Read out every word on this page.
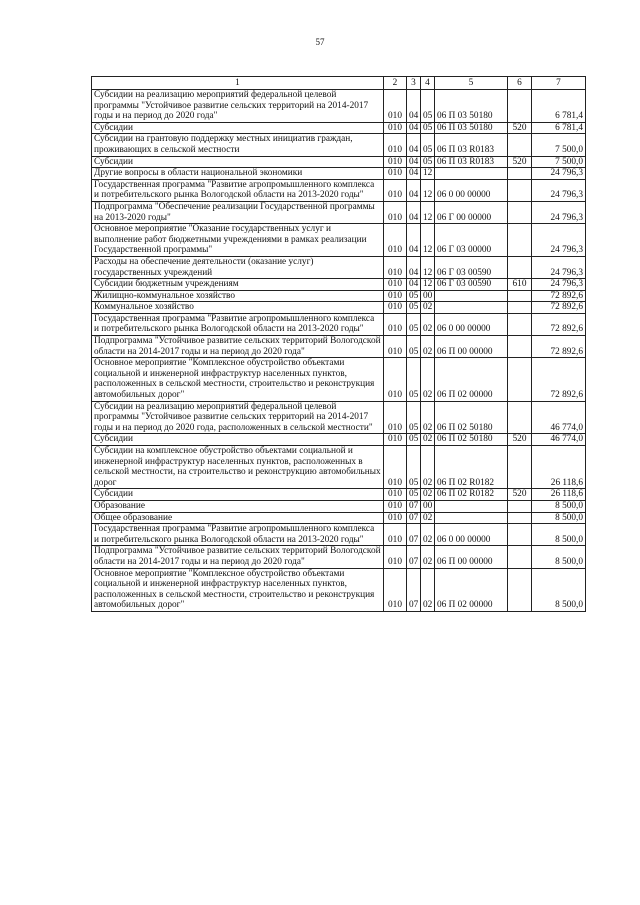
57
1	2	3	4	5	6	7
Субсидии на реализацию мероприятий федеральной целевой программы "Устойчивое развитие сельских территорий на 2014-2017 годы и на период до 2020 года"	010	04	05	06 П 03 50180		6 781,4
Субсидии	010	04	05	06 П 03 50180	520	6 781,4
Субсидии на грантовую поддержку местных инициатив граждан, проживающих в сельской местности	010	04	05	06 П 03 R0183		7 500,0
Субсидии	010	04	05	06 П 03 R0183	520	7 500,0
Другие вопросы в области национальной экономики	010	04	12			24 796,3
Государственная программа "Развитие агропромышленного комплекса и потребительского рынка Вологодской области на 2013-2020 годы"	010	04	12	06 0 00 00000		24 796,3
Подпрограмма "Обеспечение реализации Государственной программы на 2013-2020 годы"	010	04	12	06 Г 00 00000		24 796,3
Основное мероприятие "Оказание государственных услуг и выполнение работ бюджетными учреждениями в рамках реализации Государственной программы"	010	04	12	06 Г 03 00000		24 796,3
Расходы на обеспечение деятельности (оказание услуг) государственных учреждений	010	04	12	06 Г 03 00590		24 796,3
Субсидии бюджетным учреждениям	010	04	12	06 Г 03 00590	610	24 796,3
Жилищно-коммунальное хозяйство	010	05	00			72 892,6
Коммунальное хозяйство	010	05	02			72 892,6
Государственная программа "Развитие агропромышленного комплекса и потребительского рынка Вологодской области на 2013-2020 годы"	010	05	02	06 0 00 00000		72 892,6
Подпрограмма "Устойчивое развитие сельских территорий Вологодской области на 2014-2017 годы и на период до 2020 года"	010	05	02	06 П 00 00000		72 892,6
Основное мероприятие "Комплексное обустройство объектами социальной и инженерной инфраструктур населенных пунктов, расположенных в сельской местности, строительство и реконструкция автомобильных дорог"	010	05	02	06 П 02 00000		72 892,6
Субсидии на реализацию мероприятий федеральной целевой программы "Устойчивое развитие сельских территорий на 2014-2017 годы и на период до 2020 года, расположенных в сельской местности"	010	05	02	06 П 02 50180		46 774,0
Субсидии	010	05	02	06 П 02 50180	520	46 774,0
Субсидии на комплексное обустройство объектами социальной и инженерной инфраструктур населенных пунктов, расположенных в сельской местности, на строительство и реконструкцию автомобильных дорог	010	05	02	06 П 02 R0182		26 118,6
Субсидии	010	05	02	06 П 02 R0182	520	26 118,6
Образование	010	07	00			8 500,0
Общее образование	010	07	02			8 500,0
Государственная программа "Развитие агропромышленного комплекса и потребительского рынка Вологодской области на 2013-2020 годы"	010	07	02	06 0 00 00000		8 500,0
Подпрограмма "Устойчивое развитие сельских территорий Вологодской области на 2014-2017 годы и на период до 2020 года"	010	07	02	06 П 00 00000		8 500,0
Основное мероприятие "Комплексное обустройство объектами социальной и инженерной инфраструктур населенных пунктов, расположенных в сельской местности, строительство и реконструкция автомобильных дорог"	010	07	02	06 П 02 00000		8 500,0
